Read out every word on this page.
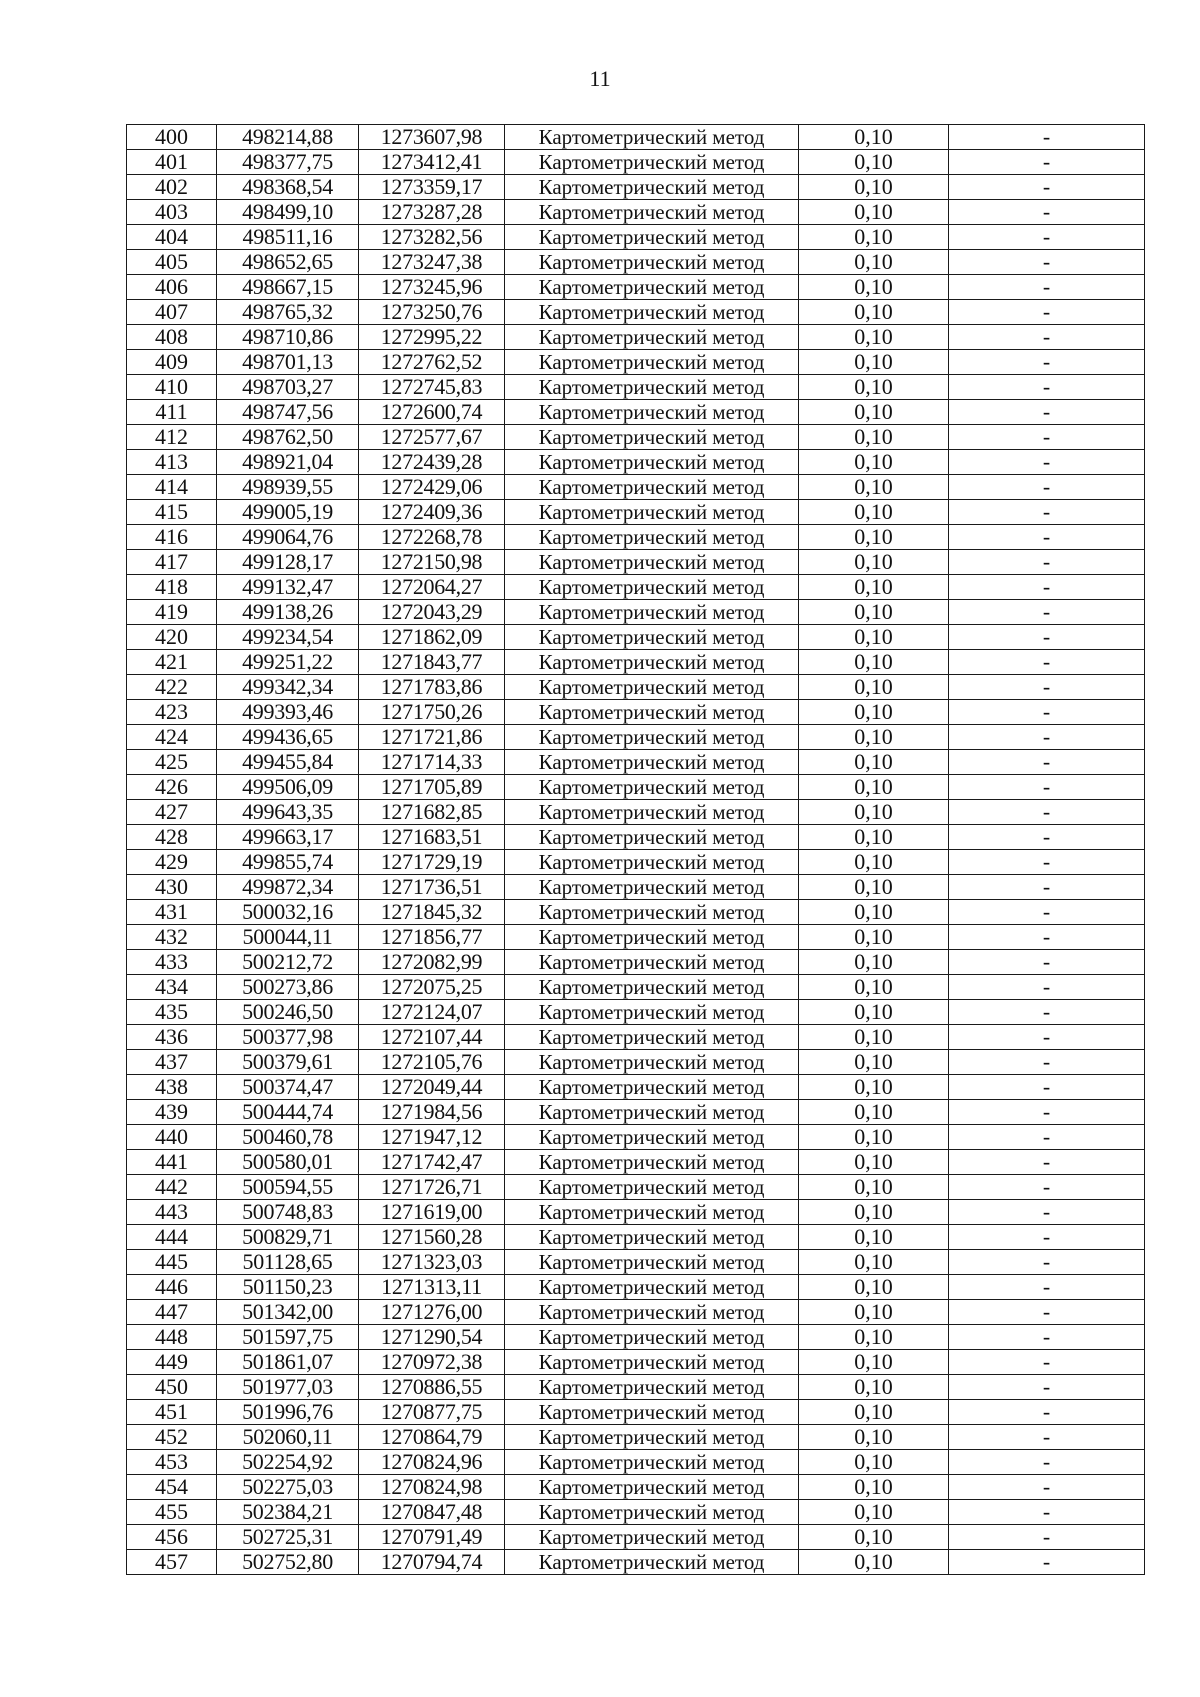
11
400	498214,88	1273607,98	Картометрический метод	0,10	-
401	498377,75	1273412,41	Картометрический метод	0,10	-
402	498368,54	1273359,17	Картометрический метод	0,10	-
403	498499,10	1273287,28	Картометрический метод	0,10	-
404	498511,16	1273282,56	Картометрический метод	0,10	-
405	498652,65	1273247,38	Картометрический метод	0,10	-
406	498667,15	1273245,96	Картометрический метод	0,10	-
407	498765,32	1273250,76	Картометрический метод	0,10	-
408	498710,86	1272995,22	Картометрический метод	0,10	-
409	498701,13	1272762,52	Картометрический метод	0,10	-
410	498703,27	1272745,83	Картометрический метод	0,10	-
411	498747,56	1272600,74	Картометрический метод	0,10	-
412	498762,50	1272577,67	Картометрический метод	0,10	-
413	498921,04	1272439,28	Картометрический метод	0,10	-
414	498939,55	1272429,06	Картометрический метод	0,10	-
415	499005,19	1272409,36	Картометрический метод	0,10	-
416	499064,76	1272268,78	Картометрический метод	0,10	-
417	499128,17	1272150,98	Картометрический метод	0,10	-
418	499132,47	1272064,27	Картометрический метод	0,10	-
419	499138,26	1272043,29	Картометрический метод	0,10	-
420	499234,54	1271862,09	Картометрический метод	0,10	-
421	499251,22	1271843,77	Картометрический метод	0,10	-
422	499342,34	1271783,86	Картометрический метод	0,10	-
423	499393,46	1271750,26	Картометрический метод	0,10	-
424	499436,65	1271721,86	Картометрический метод	0,10	-
425	499455,84	1271714,33	Картометрический метод	0,10	-
426	499506,09	1271705,89	Картометрический метод	0,10	-
427	499643,35	1271682,85	Картометрический метод	0,10	-
428	499663,17	1271683,51	Картометрический метод	0,10	-
429	499855,74	1271729,19	Картометрический метод	0,10	-
430	499872,34	1271736,51	Картометрический метод	0,10	-
431	500032,16	1271845,32	Картометрический метод	0,10	-
432	500044,11	1271856,77	Картометрический метод	0,10	-
433	500212,72	1272082,99	Картометрический метод	0,10	-
434	500273,86	1272075,25	Картометрический метод	0,10	-
435	500246,50	1272124,07	Картометрический метод	0,10	-
436	500377,98	1272107,44	Картометрический метод	0,10	-
437	500379,61	1272105,76	Картометрический метод	0,10	-
438	500374,47	1272049,44	Картометрический метод	0,10	-
439	500444,74	1271984,56	Картометрический метод	0,10	-
440	500460,78	1271947,12	Картометрический метод	0,10	-
441	500580,01	1271742,47	Картометрический метод	0,10	-
442	500594,55	1271726,71	Картометрический метод	0,10	-
443	500748,83	1271619,00	Картометрический метод	0,10	-
444	500829,71	1271560,28	Картометрический метод	0,10	-
445	501128,65	1271323,03	Картометрический метод	0,10	-
446	501150,23	1271313,11	Картометрический метод	0,10	-
447	501342,00	1271276,00	Картометрический метод	0,10	-
448	501597,75	1271290,54	Картометрический метод	0,10	-
449	501861,07	1270972,38	Картометрический метод	0,10	-
450	501977,03	1270886,55	Картометрический метод	0,10	-
451	501996,76	1270877,75	Картометрический метод	0,10	-
452	502060,11	1270864,79	Картометрический метод	0,10	-
453	502254,92	1270824,96	Картометрический метод	0,10	-
454	502275,03	1270824,98	Картометрический метод	0,10	-
455	502384,21	1270847,48	Картометрический метод	0,10	-
456	502725,31	1270791,49	Картометрический метод	0,10	-
457	502752,80	1270794,74	Картометрический метод	0,10	-
